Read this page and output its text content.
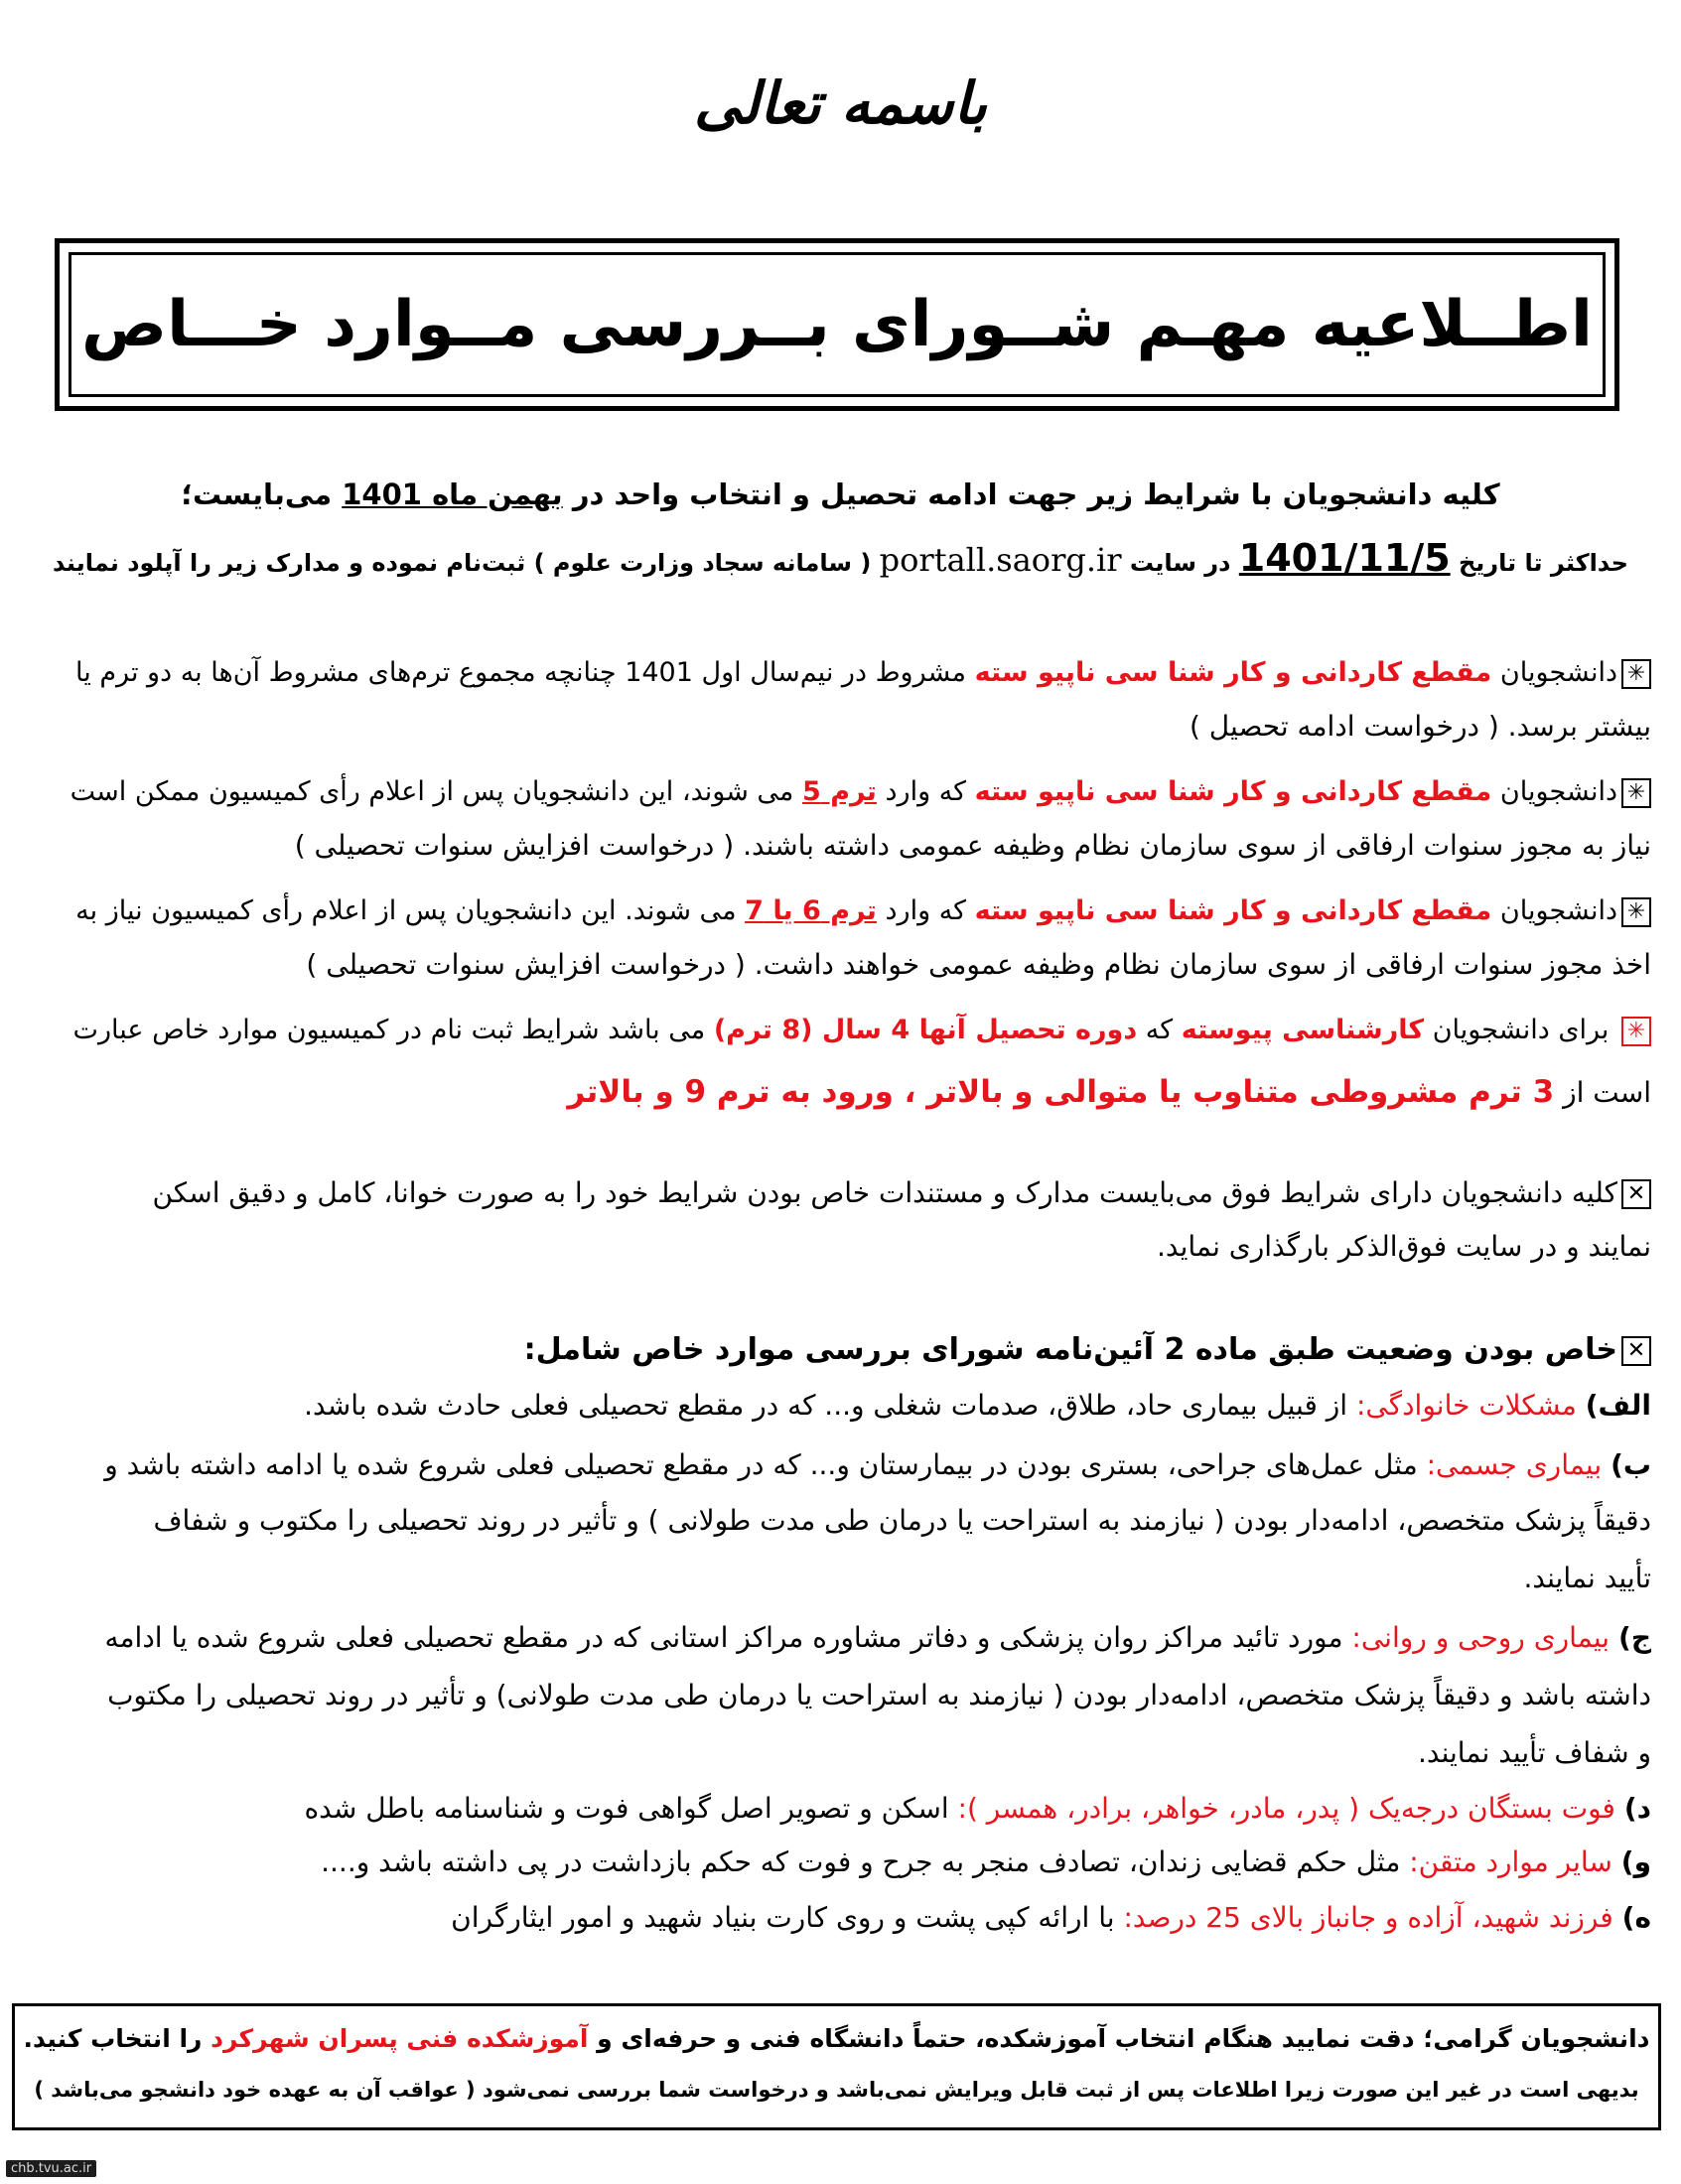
باسمه تعالی
اطــلاعیه مهـم شــورای بــررسی مــوارد خـــاص
کلیه دانشجویان با شرایط زیر جهت ادامه تحصیل و انتخاب واحد در بهمن ماه 1401 می‌بایست؛
حداکثر تا تاریخ 1401/11/5 در سایت portall.saorg.ir ( سامانه سجاد وزارت علوم ) ثبت‌نام نموده و مدارک زیر را آپلود نمایند
✳دانشجویان مقطع کاردانی و کار شنا سی ناپیو سته مشروط در نیم‌سال اول 1401 چنانچه مجموع ترم‌های مشروط آن‌ها به دو ترم یا
بیشتر برسد. ( درخواست ادامه تحصیل )
✳دانشجویان مقطع کاردانی و کار شنا سی ناپیو سته که وارد ترم 5 می شوند، این دانشجویان پس از اعلام رأی کمیسیون ممکن است
نیاز به مجوز سنوات ارفاقی از سوی سازمان نظام وظیفه عمومی داشته باشند. ( درخواست افزایش سنوات تحصیلی )
✳دانشجویان مقطع کاردانی و کار شنا سی ناپیو سته که وارد ترم 6 یا 7 می شوند. این دانشجویان پس از اعلام رأی کمیسیون نیاز به
اخذ مجوز سنوات ارفاقی از سوی سازمان نظام وظیفه عمومی خواهند داشت. ( درخواست افزایش سنوات تحصیلی )
✳ برای دانشجویان کارشناسی پیوسته که دوره تحصیل آنها 4 سال (8 ترم) می باشد شرایط ثبت نام در کمیسیون موارد خاص عبارت
است از 3 ترم مشروطی متناوب یا متوالی و بالاتر ، ورود به ترم 9 و بالاتر
✕کلیه دانشجویان دارای شرایط فوق می‌بایست مدارک و مستندات خاص بودن شرایط خود را به صورت خوانا، کامل و دقیق اسکن
نمایند و در سایت فوق‌الذکر بارگذاری نماید.
✕خاص بودن وضعیت طبق ماده 2 آئین‌نامه شورای بررسی موارد خاص شامل:
الف) مشکلات خانوادگی: از قبیل بیماری حاد، طلاق، صدمات شغلی و... که در مقطع تحصیلی فعلی حادث شده باشد.
ب) بیماری جسمی: مثل عمل‌های جراحی، بستری بودن در بیمارستان و... که در مقطع تحصیلی فعلی شروع شده یا ادامه داشته باشد و
دقیقاً پزشک متخصص، ادامه‌دار بودن ( نیازمند به استراحت یا درمان طی مدت طولانی ) و تأثیر در روند تحصیلی را مکتوب و شفاف
تأیید نمایند.
ج) بیماری روحی و روانی: مورد تائید مراکز روان پزشکی و دفاتر مشاوره مراکز استانی که در مقطع تحصیلی فعلی شروع شده یا ادامه
داشته باشد و دقیقاً پزشک متخصص، ادامه‌دار بودن ( نیازمند به استراحت یا درمان طی مدت طولانی) و تأثیر در روند تحصیلی را مکتوب
و شفاف تأیید نمایند.
د) فوت بستگان درجه‌یک ( پدر، مادر، خواهر، برادر، همسر ): اسکن و تصویر اصل گواهی فوت و شناسنامه باطل شده
و) سایر موارد متقن: مثل حکم قضایی زندان، تصادف منجر به جرح و فوت که حکم بازداشت در پی داشته باشد و....
ه) فرزند شهید، آزاده و جانباز بالای 25 درصد: با ارائه کپی پشت و روی کارت بنیاد شهید و امور ایثارگران
دانشجویان گرامی؛ دقت نمایید هنگام انتخاب آموزشکده، حتماً دانشگاه فنی و حرفه‌ای و آموزشکده فنی پسران شهرکرد را انتخاب کنید.
بدیهی است در غیر این صورت زیرا اطلاعات پس از ثبت قابل ویرایش نمی‌باشد و درخواست شما بررسی نمی‌شود ( عواقب آن به عهده خود دانشجو می‌باشد )
chb.tvu.ac.ir
